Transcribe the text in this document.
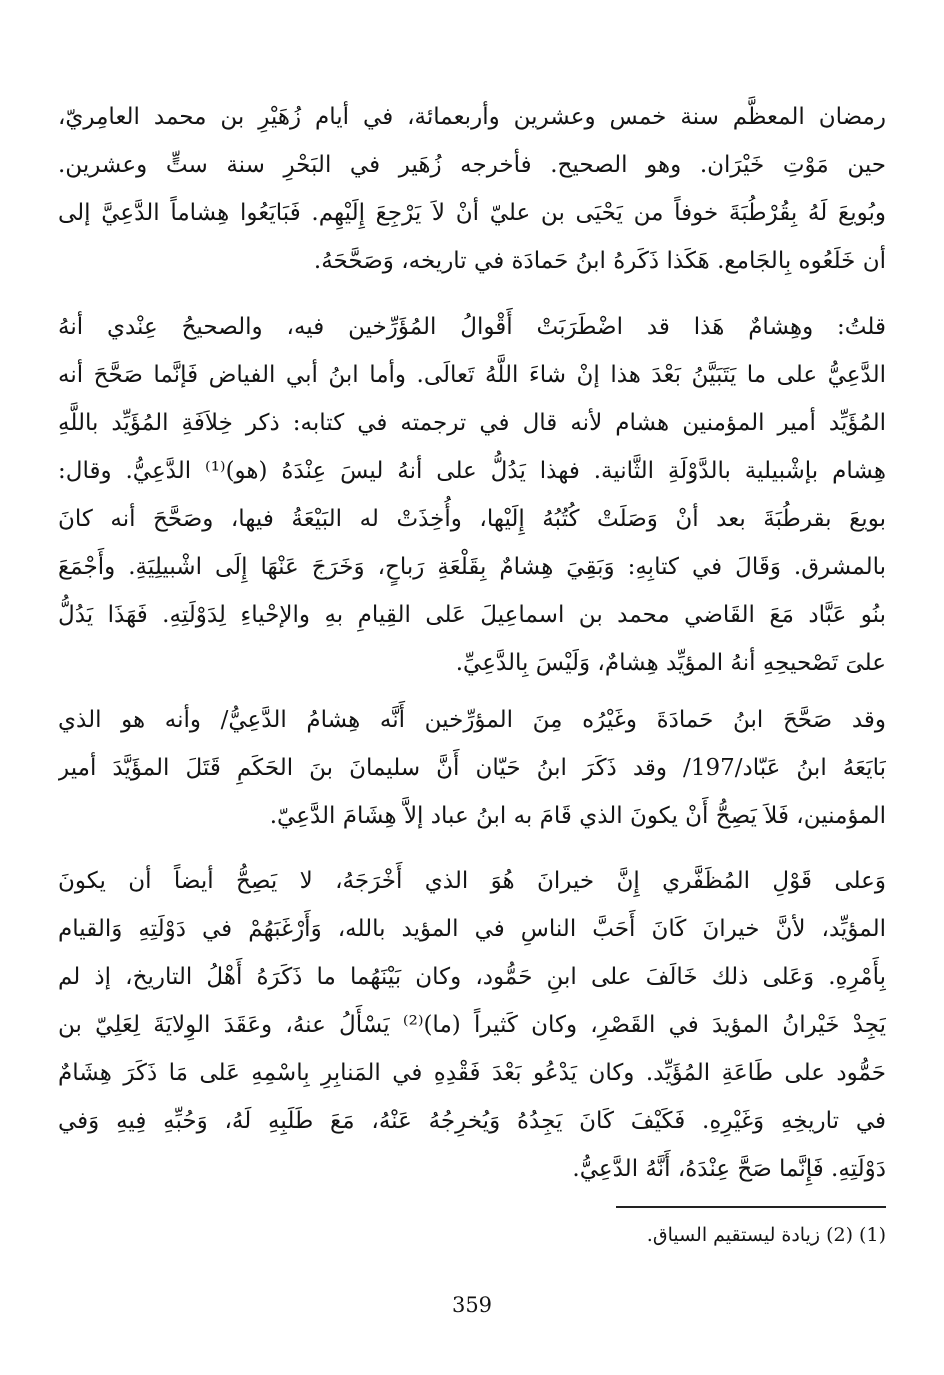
رمضان المعظَّم سنة خمس وعشرين وأربعمائة، في أيام زُهَيْرِ بن محمد العامِريّ،
حين مَوْتِ خَيْرَان. وهو الصحيح. فأخرجه زُهَير في البَحْرِ سنة ستٍّ وعشرين.
وبُويعَ لَهُ بِقُرْطُبَةَ خوفاً من يَحْيَى بن عليّ أنْ لاَ يَرْجِعَ إِلَيْهِم. فَبَايَعُوا هِشاماً الدَّعِيَّ إلى
أن خَلَعُوه بِالجَامع. هَكَذا ذَكَرهُ ابنُ حَمادَة في تاريخه، وَصَحَّحَهُ.
قلتُ: وهِشامٌ هَذا قد اضْطَرَبَتْ أَقْوالُ المُؤَرِّخين فيه، والصحيحُ عِنْدي أنهُ
الدَّعِيُّ على ما يَتَبَيَّنُ بَعْدَ هذا إنْ شاءَ اللَّهُ تَعالَى. وأما ابنُ أبي الفياض فَإنَّما صَحَّحَ أنه
المُؤَيِّد أمير المؤمنين هشام لأنه قال في ترجمته في كتابه: ذكر خِلاَفَةِ المُؤَيِّد باللَّهِ
هِشام بإشْبيلية بالدَّوْلَةِ الثَّانية. فهذا يَدُلُّ على أنهُ ليسَ عِنْدَهُ (هو)⁽¹⁾ الدَّعِيُّ. وقال:
بويعَ بقرطُبَةَ بعد أنْ وَصَلَتْ كُتُبُهُ إِلَيْها، وأُخِذَتْ له البَيْعَةُ فيها، وصَحَّحَ أنه كانَ
بالمشرق. وَقَالَ في كتابِهِ: وَبَقِيَ هِشامٌ بِقَلْعَةِ رَباحٍ، وَخَرَجَ عَنْهَا إِلَى اشْبيلِيَةِ. وأَجْمَعَ
بنُو عَبَّاد مَعَ القَاضي محمد بن اسماعِيلَ عَلى القِيامِ بهِ والإحْياءِ لِدَوْلَتِهِ. فَهَذَا يَدُلُّ
علىَ تَصْحيحِهِ أنهُ المؤيِّد هِشامٌ، وَلَيْسَ بِالدَّعِيِّ.
وقد صَحَّحَ ابنُ حَمادَةَ وغَيْرُه مِنَ المؤرِّخين أَنَّه هِشامُ الدَّعِيُّ/ وأنه هو الذي
بَايَعَهُ ابنُ عَبّاد/197/ وقد ذَكَرَ ابنُ حَيّان أَنَّ سليمانَ بنَ الحَكَمِ قَتَلَ المؤَيَّدَ أمير
المؤمنين، فَلاَ يَصِحُّ أَنْ يكونَ الذي قَامَ به ابنُ عباد إلاَّ هِشَامَ الدَّعِيّ.
وَعلى قَوْلِ المُظَفَّري إِنَّ خيرانَ هُوَ الذي أَخْرَجَهُ، لا يَصِحُّ أيضاً أن يكونَ
المؤيِّد، لأنَّ خيرانَ كَانَ أَحَبَّ الناسِ في المؤيد بالله، وَأَرْغَبَهُمْ في دَوْلَتِهِ وَالقيام
بِأَمْرِهِ. وَعَلى ذلك خَالَفَ على ابنِ حَمُّود، وكان بَيْنَهُما ما ذَكَرَهُ أَهْلُ التاريخ، إذ لم
يَجِدْ خَيْرانُ المؤيدَ في القَصْرِ، وكان كَثيراً (ما)⁽²⁾ يَسْأَلُ عنهُ، وعَقَدَ الوِلايَةَ لِعَلِيّ بن
حَمُّود على طَاعَةِ المُؤَيِّد. وكان يَدْعُو بَعْدَ فَقْدِهِ في المَنابِرِ بِاسْمِهِ عَلى مَا ذَكَرَ هِشَامٌ
في تاريخِهِ وَغَيْرِهِ. فَكَيْفَ كَانَ يَجِدُهُ وَيُخرِجُهُ عَنْهُ، مَعَ طَلَبِهِ لَهُ، وَحُبِّهِ فِيهِ وَفي
دَوْلَتِهِ. فَإِنَّما صَحَّ عِنْدَهُ، أَنَّهُ الدَّعِيُّ.
(1) (2) زيادة ليستقيم السياق.
359
